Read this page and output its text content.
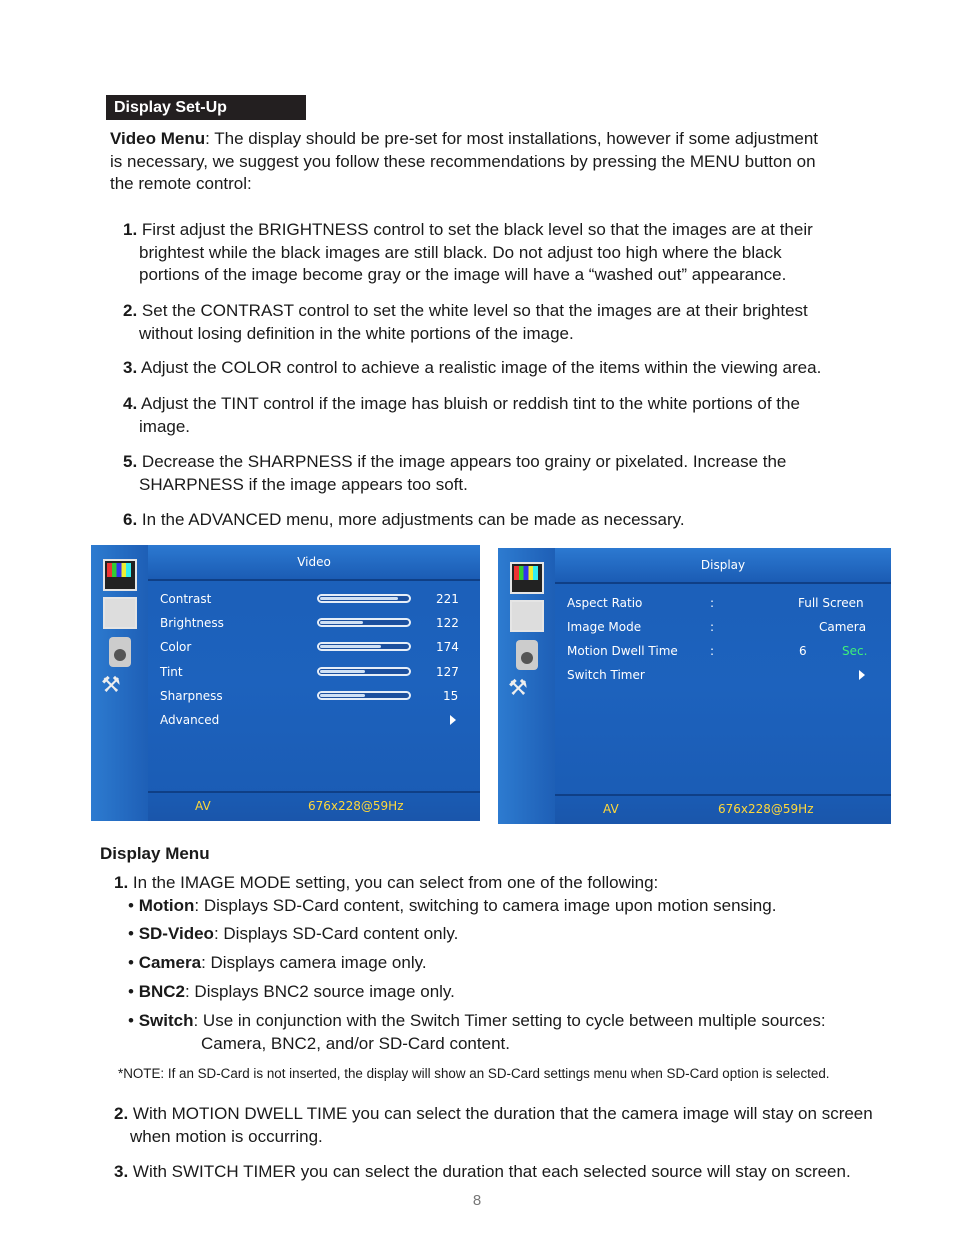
Display Set-Up
Video Menu: The display should be pre-set for most installations, however if some adjustment
is necessary, we suggest you follow these recommendations by pressing the MENU button on
the remote control:
1. First adjust the BRIGHTNESS control to set the black level so that the images are at their
brightest while the black images are still black. Do not adjust too high where the black
portions of the image become gray or the image will have a “washed out” appearance.
2. Set the CONTRAST control to set the white level so that the images are at their brightest
without losing definition in the white portions of the image.
3. Adjust the COLOR control to achieve a realistic image of the items within the viewing area.
4. Adjust the TINT control if the image has bluish or reddish tint to the white portions of the
image.
5. Decrease the SHARPNESS if the image appears too grainy or pixelated. Increase the
SHARPNESS if the image appears too soft.
6. In the ADVANCED menu, more adjustments can be made as necessary.
⚒
Video
Contrast	221
Brightness	122
Color	174
Tint	127
Sharpness	15
Advanced
AV	676x228@59Hz
⚒
Display
Aspect Ratio	:	Full Screen
Image Mode	:	Camera
Motion Dwell Time	:	6	Sec.
Switch Timer
AV	676x228@59Hz
Display Menu
1. In the IMAGE MODE setting, you can select from one of the following:
• Motion: Displays SD-Card content, switching to camera image upon motion sensing.
• SD-Video: Displays SD-Card content only.
• Camera: Displays camera image only.
• BNC2: Displays BNC2 source image only.
• Switch: Use in conjunction with the Switch Timer setting to cycle between multiple sources:
Camera, BNC2, and/or SD-Card content.
*NOTE: If an SD-Card is not inserted, the display will show an SD-Card settings menu when SD-Card option is selected.
2. With MOTION DWELL TIME you can select the duration that the camera image will stay on screen
when motion is occurring.
3. With SWITCH TIMER you can select the duration that each selected source will stay on screen.
8
